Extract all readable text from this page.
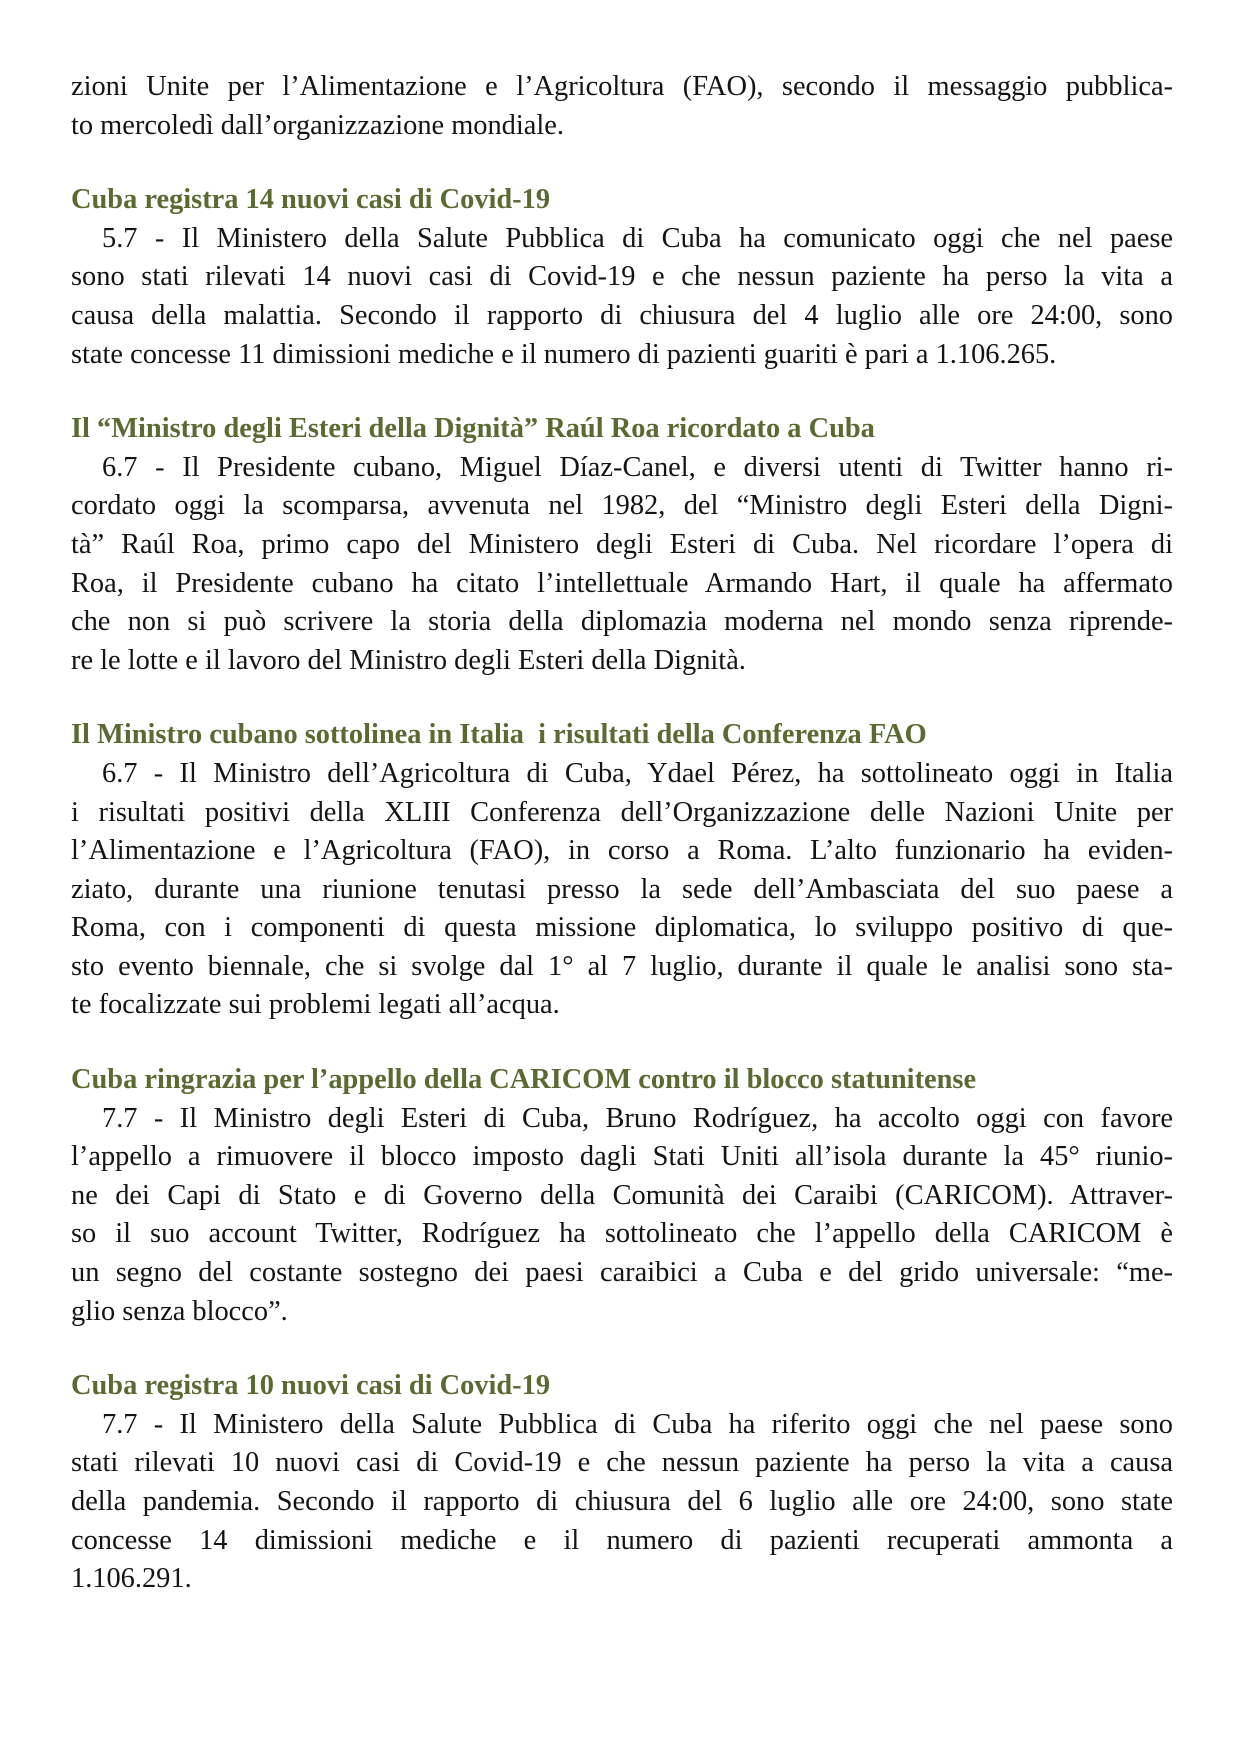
zioni Unite per l’Alimentazione e l’Agricoltura (FAO), secondo il messaggio pubblica-
to mercoledì dall’organizzazione mondiale.

Cuba registra 14 nuovi casi di Covid-19

5.7 - Il Ministero della Salute Pubblica di Cuba ha comunicato oggi che nel paese
sono stati rilevati 14 nuovi casi di Covid-19 e che nessun paziente ha perso la vita a
causa della malattia. Secondo il rapporto di chiusura del 4 luglio alle ore 24:00, sono
state concesse 11 dimissioni mediche e il numero di pazienti guariti è pari a 1.106.265.

Il “Ministro degli Esteri della Dignità” Raúl Roa ricordato a Cuba

6.7 - Il Presidente cubano, Miguel Díaz-Canel, e diversi utenti di Twitter hanno ri-
cordato oggi la scomparsa, avvenuta nel 1982, del “Ministro degli Esteri della Digni-
tà” Raúl Roa, primo capo del Ministero degli Esteri di Cuba. Nel ricordare l’opera di
Roa, il Presidente cubano ha citato l’intellettuale Armando Hart, il quale ha affermato
che non si può scrivere la storia della diplomazia moderna nel mondo senza riprende-
re le lotte e il lavoro del Ministro degli Esteri della Dignità.

Il Ministro cubano sottolinea in Italia  i risultati della Conferenza FAO

6.7 - Il Ministro dell’Agricoltura di Cuba, Ydael Pérez, ha sottolineato oggi in Italia
i risultati positivi della XLIII Conferenza dell’Organizzazione delle Nazioni Unite per
l’Alimentazione e l’Agricoltura (FAO), in corso a Roma. L’alto funzionario ha eviden-
ziato, durante una riunione tenutasi presso la sede dell’Ambasciata del suo paese a
Roma, con i componenti di questa missione diplomatica, lo sviluppo positivo di que-
sto evento biennale, che si svolge dal 1° al 7 luglio, durante il quale le analisi sono sta-
te focalizzate sui problemi legati all’acqua.

Cuba ringrazia per l’appello della CARICOM contro il blocco statunitense

7.7 - Il Ministro degli Esteri di Cuba, Bruno Rodríguez, ha accolto oggi con favore
l’appello a rimuovere il blocco imposto dagli Stati Uniti all’isola durante la 45° riunio-
ne dei Capi di Stato e di Governo della Comunità dei Caraibi (CARICOM). Attraver-
so il suo account Twitter, Rodríguez ha sottolineato che l’appello della CARICOM è
un segno del costante sostegno dei paesi caraibici a Cuba e del grido universale: “me-
glio senza blocco”.

Cuba registra 10 nuovi casi di Covid-19

7.7 - Il Ministero della Salute Pubblica di Cuba ha riferito oggi che nel paese sono
stati rilevati 10 nuovi casi di Covid-19 e che nessun paziente ha perso la vita a causa
della pandemia. Secondo il rapporto di chiusura del 6 luglio alle ore 24:00, sono state
concesse 14 dimissioni mediche e il numero di pazienti recuperati ammonta a
1.106.291.
